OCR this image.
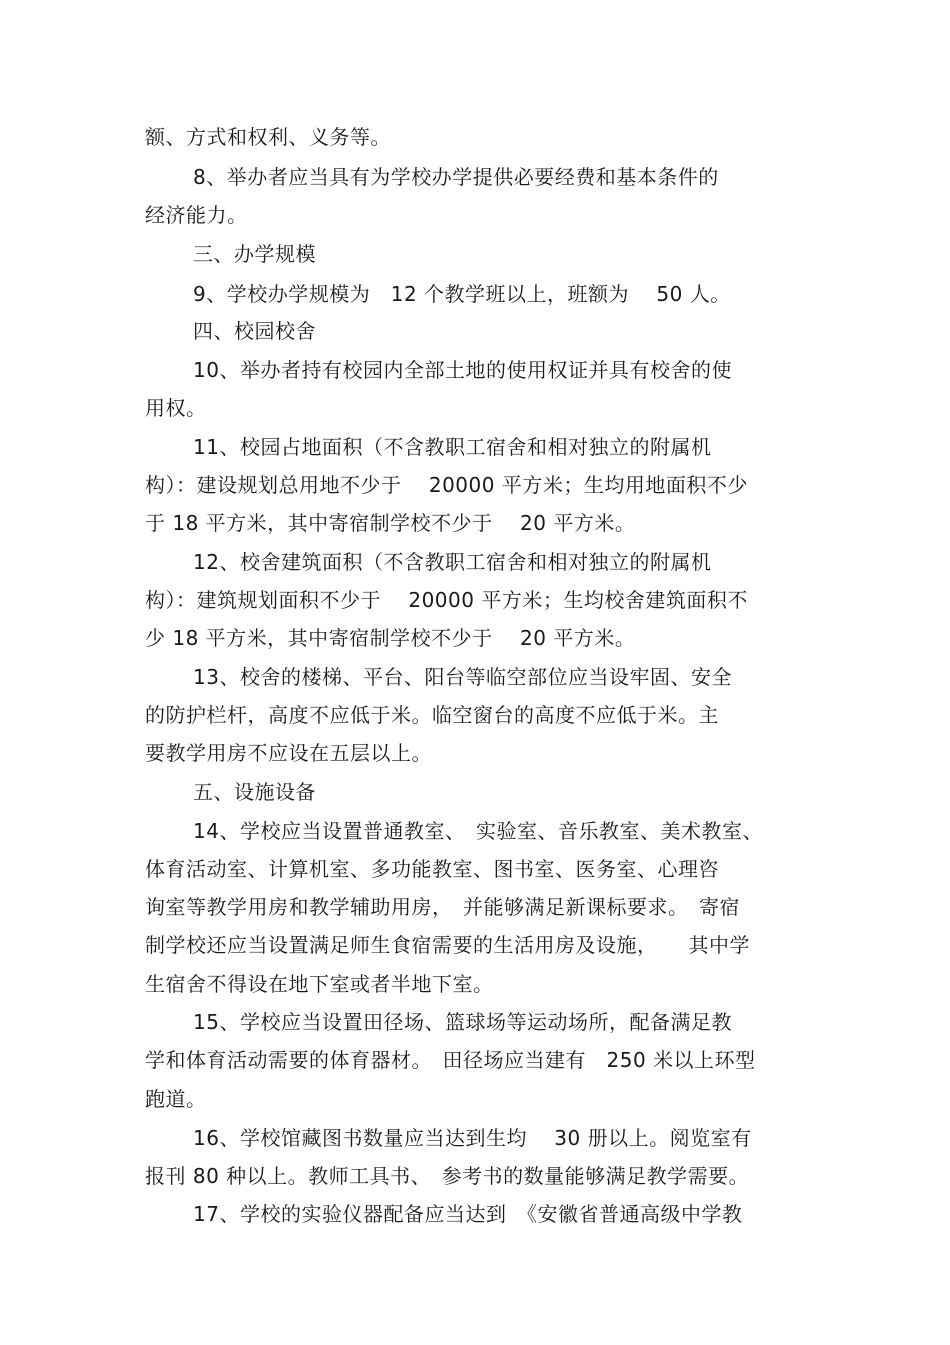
额、方式和权利、义务等。
8、举办者应当具有为学校办学提供必要经费和基本条件的
经济能力。
三、办学规模
9、学校办学规模为　12 个教学班以上，班额为　 50 人。
四、校园校舍
10、举办者持有校园内全部土地的使用权证并具有校舍的使
用权。
11、校园占地面积（不含教职工宿舍和相对独立的附属机
构）：建设规划总用地不少于　 20000 平方米；生均用地面积不少
于 18 平方米，其中寄宿制学校不少于　 20 平方米。
12、校舍建筑面积（不含教职工宿舍和相对独立的附属机
构）：建筑规划面积不少于　 20000 平方米；生均校舍建筑面积不
少 18 平方米，其中寄宿制学校不少于　 20 平方米。
13、校舍的楼梯、平台、阳台等临空部位应当设牢固、安全
的防护栏杆，高度不应低于米。临空窗台的高度不应低于米。主
要教学用房不应设在五层以上。
五、设施设备
14、学校应当设置普通教室、　实验室、音乐教室、美术教室、
体育活动室、计算机室、多功能教室、图书室、医务室、心理咨
询室等教学用房和教学辅助用房，　并能够满足新课标要求。　寄宿
制学校还应当设置满足师生食宿需要的生活用房及设施，　　其中学
生宿舍不得设在地下室或者半地下室。
15、学校应当设置田径场、篮球场等运动场所，配备满足教
学和体育活动需要的体育器材。　田径场应当建有　250 米以上环型
跑道。
16、学校馆藏图书数量应当达到生均　 30 册以上。阅览室有
报刊 80 种以上。教师工具书、　参考书的数量能够满足教学需要。
17、学校的实验仪器配备应当达到　《安徽省普通高级中学教
